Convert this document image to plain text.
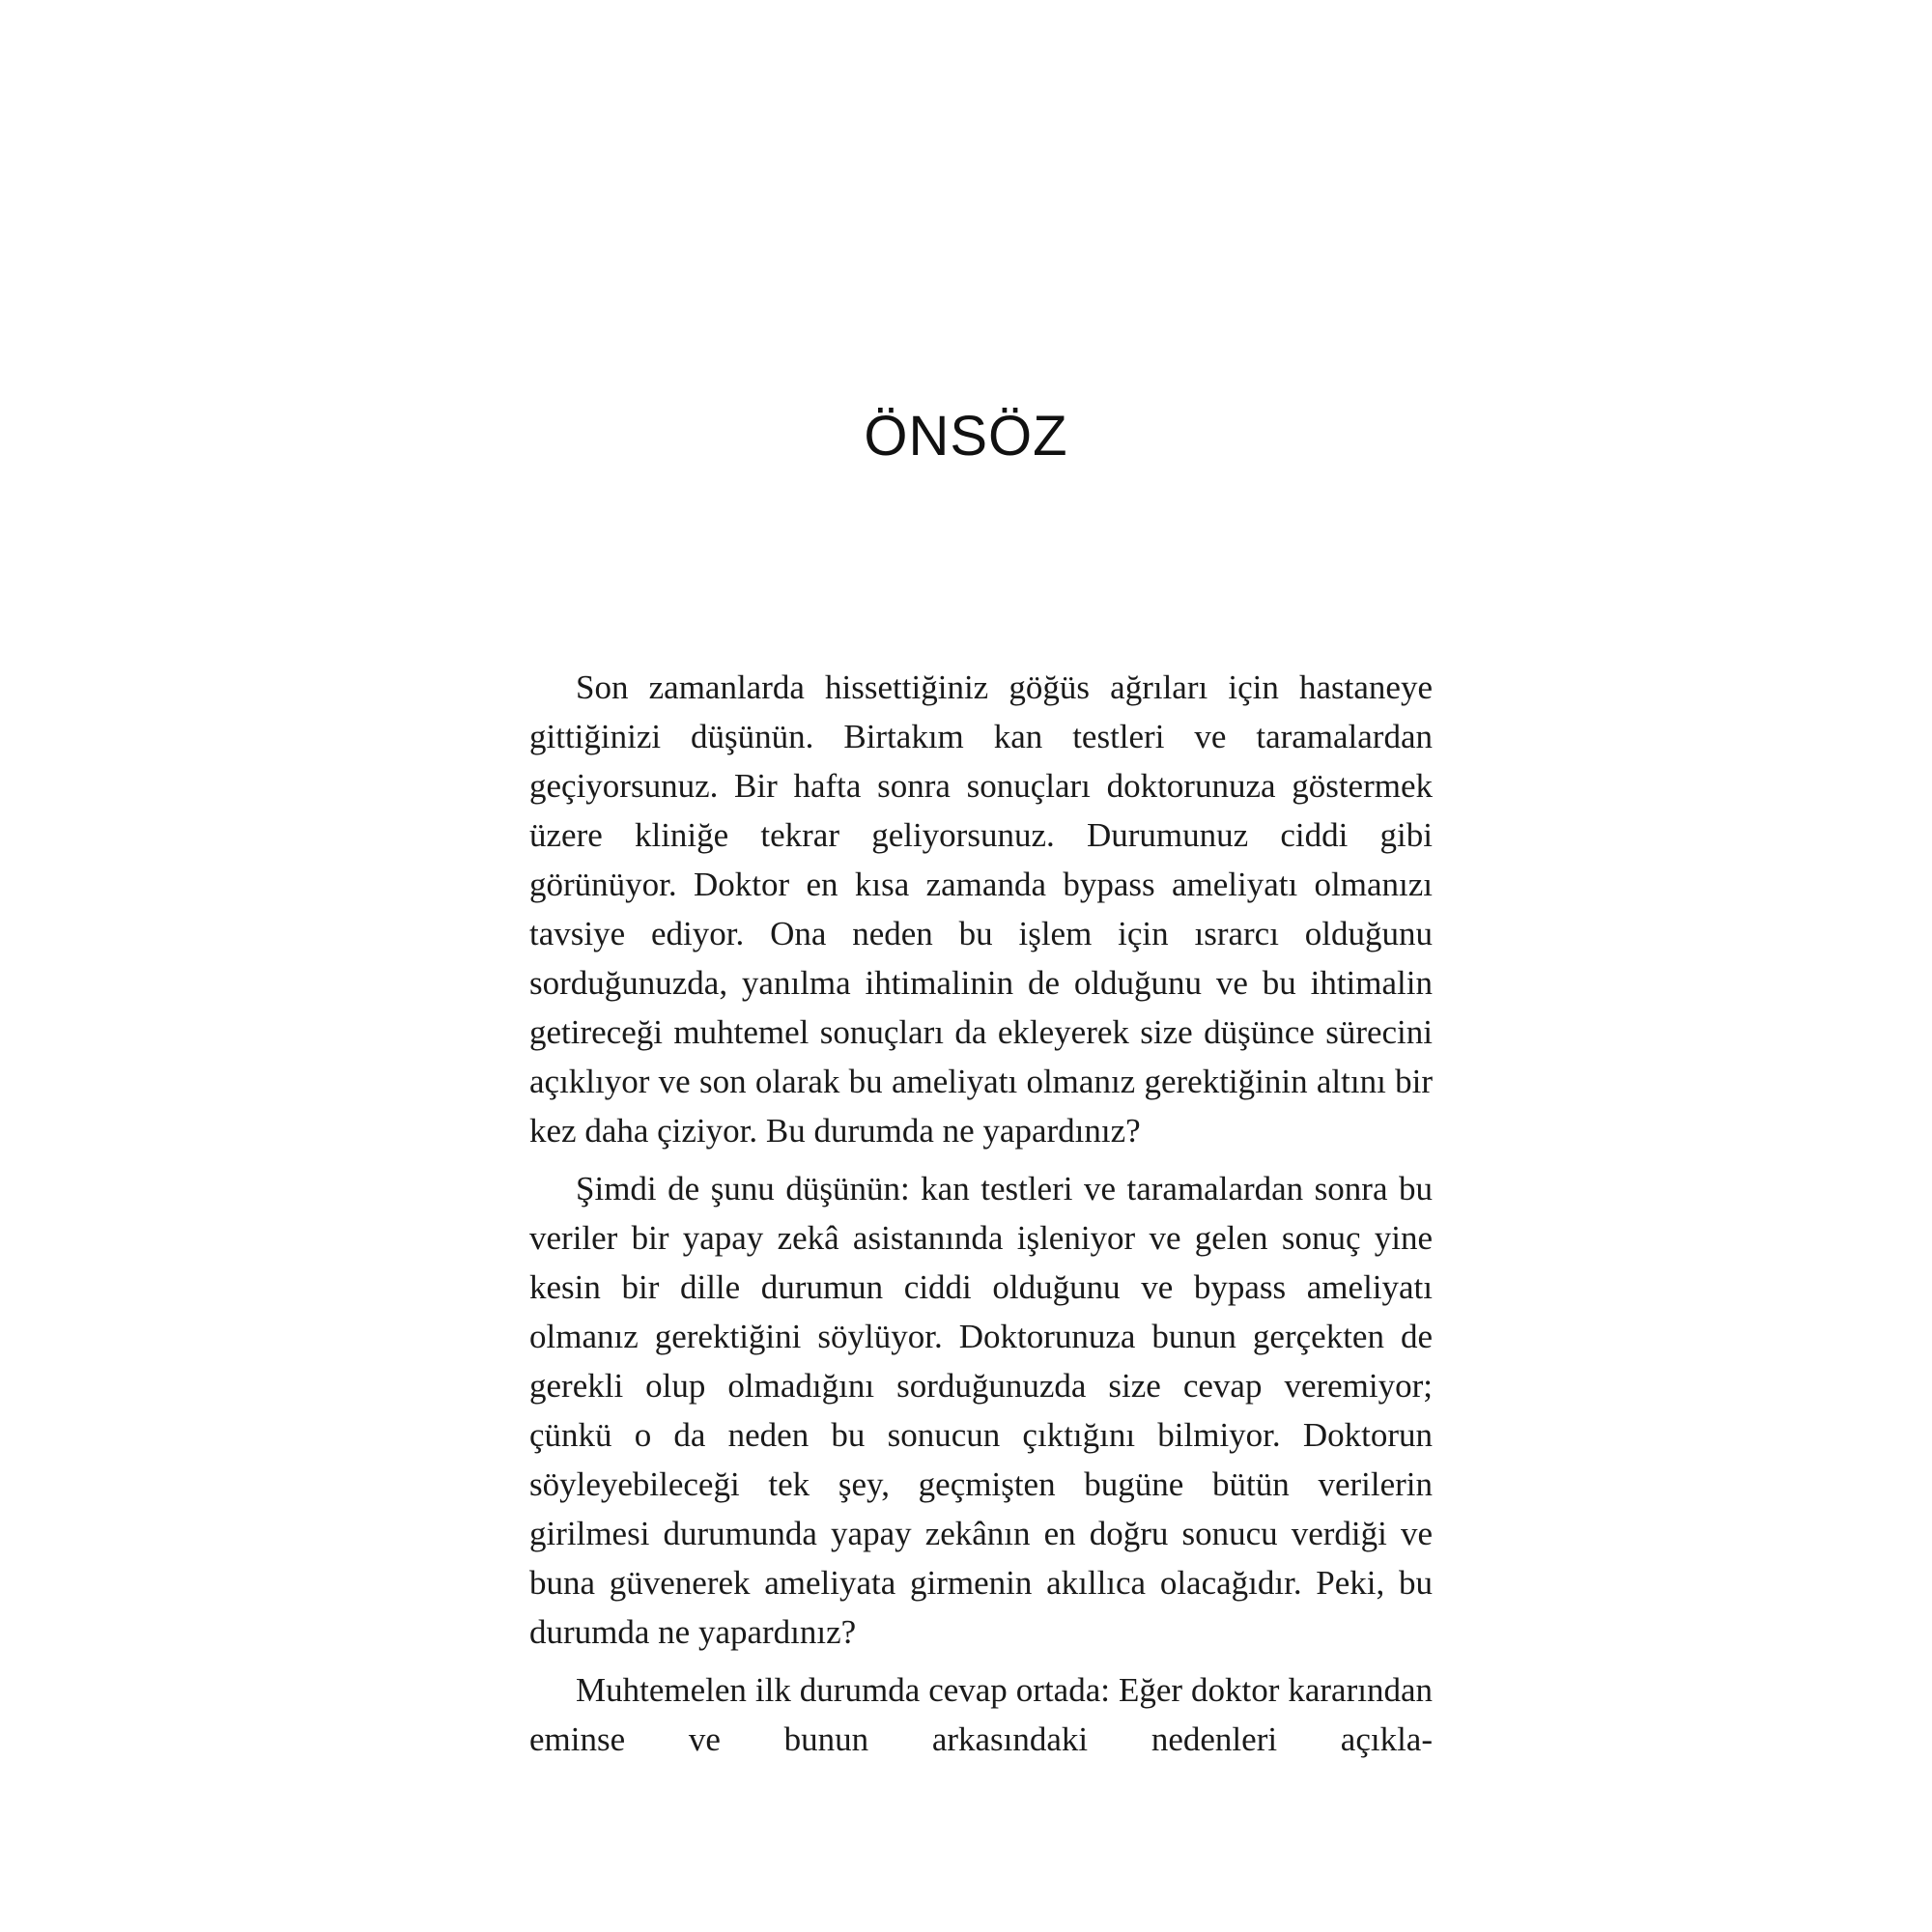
ÖNSÖZ

Son zamanlarda hissettiğiniz göğüs ağrıları için hastaneye gittiğinizi düşünün. Birtakım kan testleri ve taramalardan geçiyorsunuz. Bir hafta sonra sonuçları doktorunuza göstermek üzere kliniğe tekrar geliyorsunuz. Durumunuz ciddi gibi görünüyor. Doktor en kısa zamanda bypass ameliyatı olmanızı tavsiye ediyor. Ona neden bu işlem için ısrarcı olduğunu sorduğunuzda, yanılma ihtimalinin de olduğunu ve bu ihtimalin getireceği muhtemel sonuçları da ekleyerek size düşünce sürecini açıklıyor ve son olarak bu ameliyatı olmanız gerektiğinin altını bir kez daha çiziyor. Bu durumda ne yapardınız?

Şimdi de şunu düşünün: kan testleri ve taramalardan sonra bu veriler bir yapay zekâ asistanında işleniyor ve gelen sonuç yine kesin bir dille durumun ciddi olduğunu ve bypass ameliyatı olmanız gerektiğini söylüyor. Doktorunuza bunun gerçekten de gerekli olup olmadığını sorduğunuzda size cevap veremiyor; çünkü o da neden bu sonucun çıktığını bilmiyor. Doktorun söyleyebileceği tek şey, geçmişten bugüne bütün verilerin girilmesi durumunda yapay zekânın en doğru sonucu verdiği ve buna güvenerek ameliyata girmenin akıllıca olacağıdır. Peki, bu durumda ne yapardınız?

Muhtemelen ilk durumda cevap ortada: Eğer doktor kararından eminse ve bunun arkasındaki nedenleri açıkla-
